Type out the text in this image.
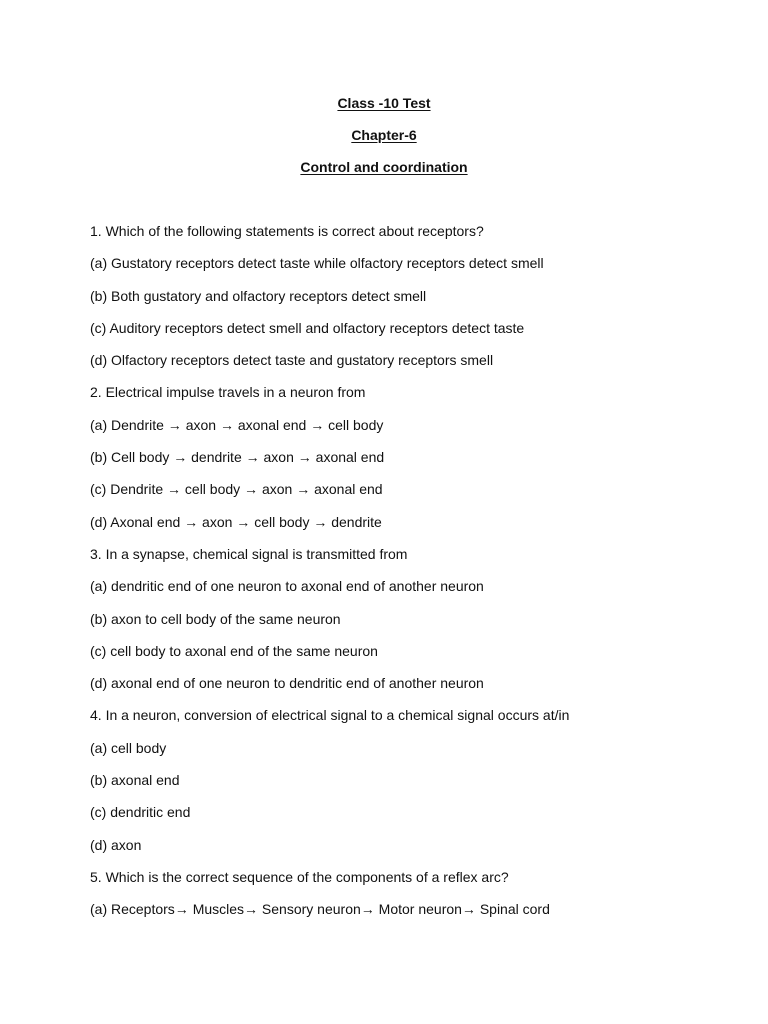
Class -10 Test
Chapter-6
Control and coordination
1. Which of the following statements is correct about receptors?
(a) Gustatory receptors detect taste while olfactory receptors detect smell
(b) Both gustatory and olfactory receptors detect smell
(c) Auditory receptors detect smell and olfactory receptors detect taste
(d) Olfactory receptors detect taste and gustatory receptors smell
2. Electrical impulse travels in a neuron from
(a) Dendrite → axon → axonal end → cell body
(b) Cell body → dendrite → axon → axonal end
(c) Dendrite → cell body → axon → axonal end
(d) Axonal end → axon → cell body → dendrite
3. In a synapse, chemical signal is transmitted from
(a) dendritic end of one neuron to axonal end of another neuron
(b) axon to cell body of the same neuron
(c) cell body to axonal end of the same neuron
(d) axonal end of one neuron to dendritic end of another neuron
4. In a neuron, conversion of electrical signal to a chemical signal occurs at/in
(a) cell body
(b) axonal end
(c) dendritic end
(d) axon
5. Which is the correct sequence of the components of a reflex arc?
(a) Receptors→ Muscles→ Sensory neuron→ Motor neuron→ Spinal cord
